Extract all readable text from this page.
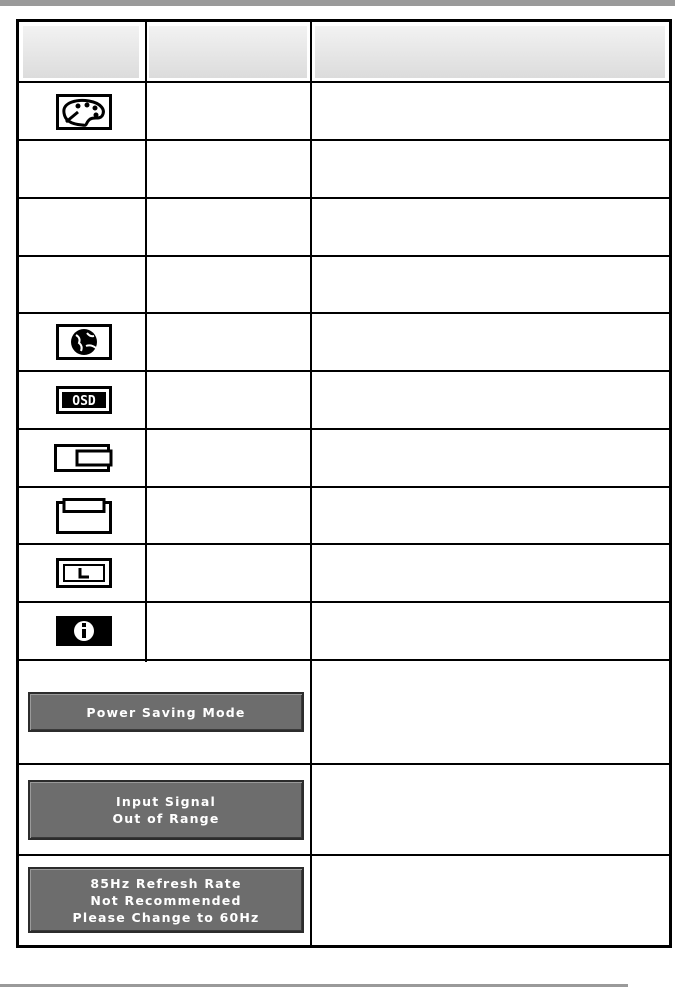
OSD
Power Saving Mode
Input Signal
Out of Range
85Hz Refresh Rate
Not Recommended
Please Change to 60Hz
